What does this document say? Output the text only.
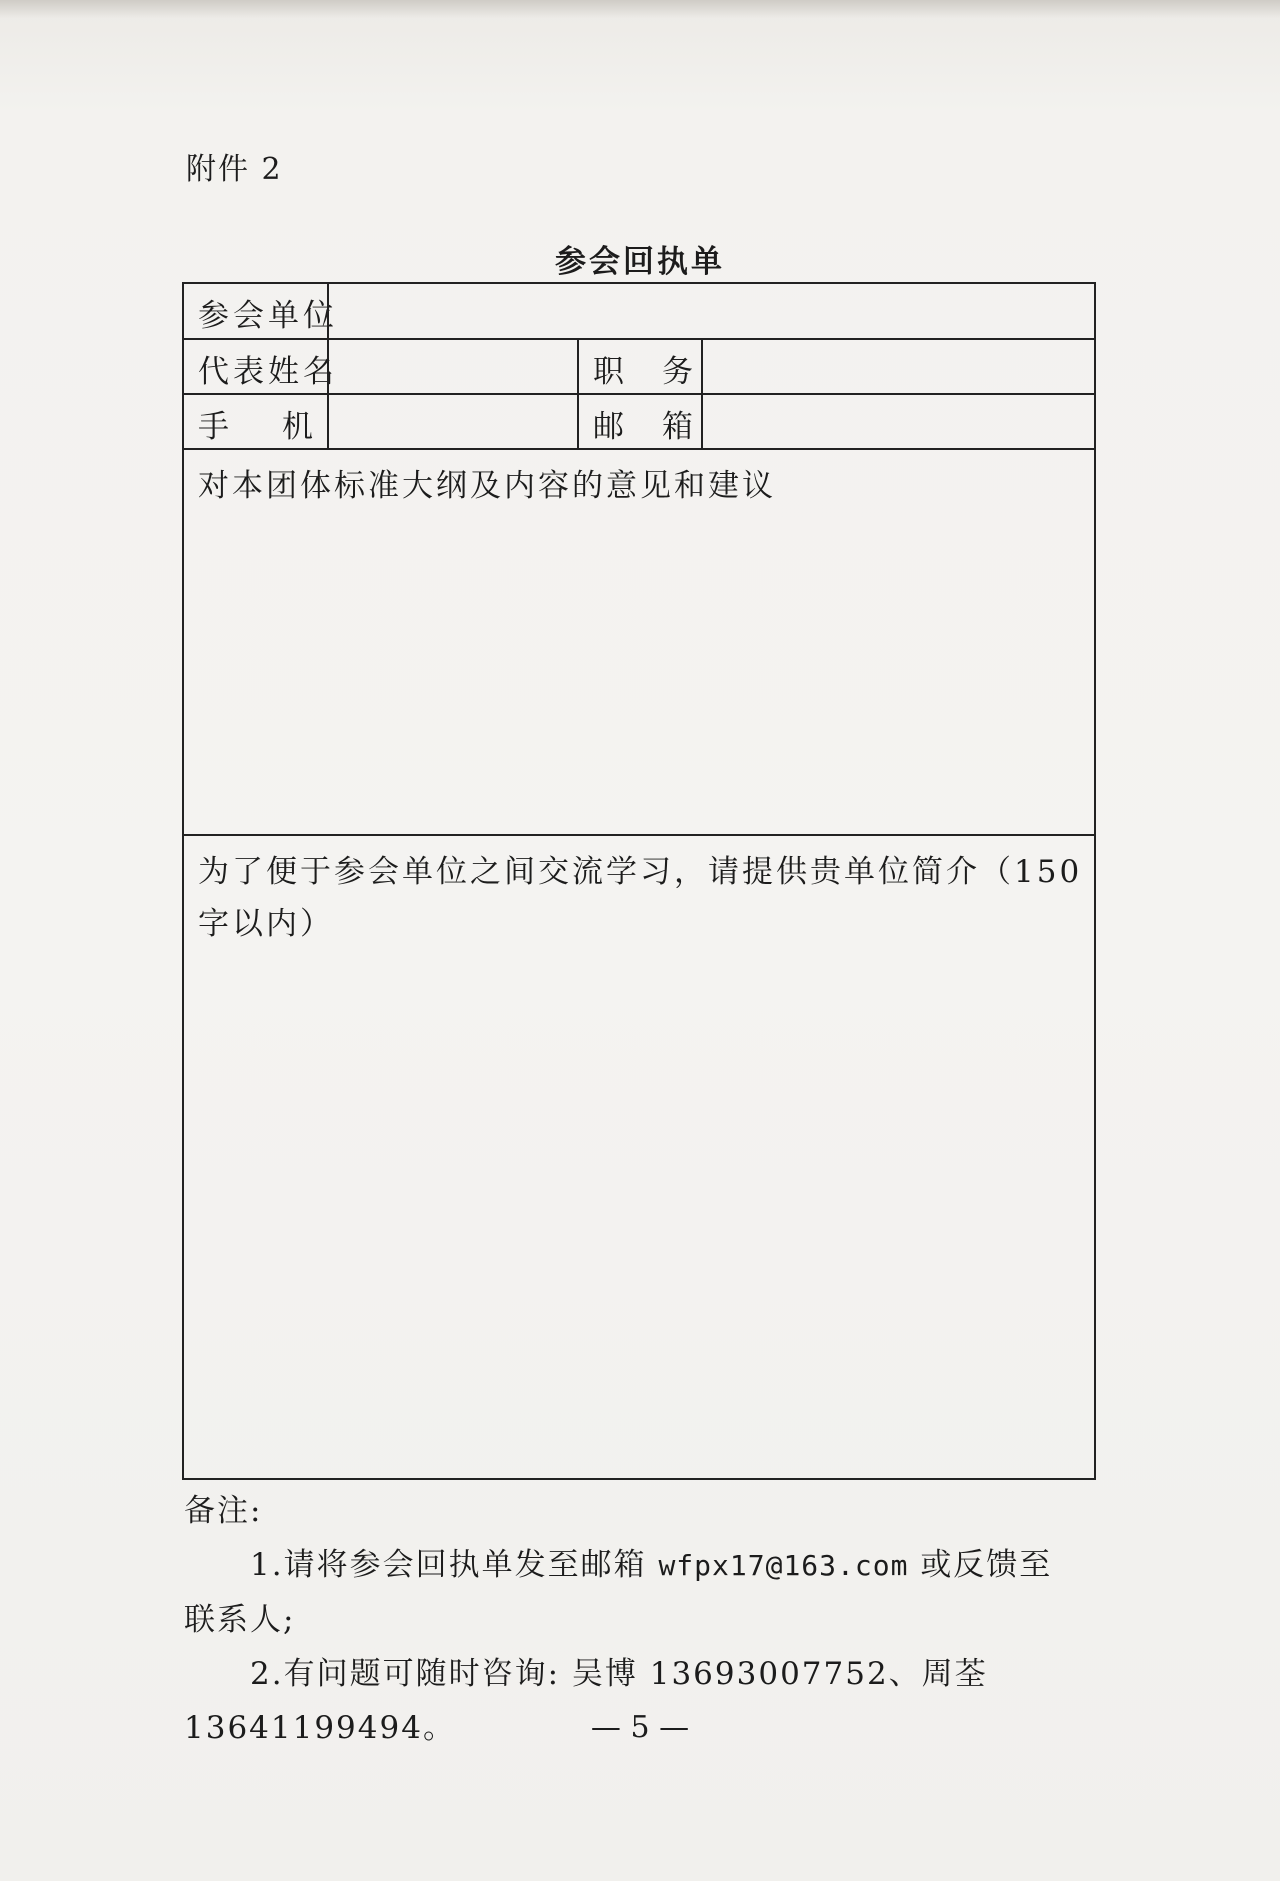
附件 2
参会回执单
参会单位
代表姓名	职 务
手 机	邮 箱
对本团体标准大纲及内容的意见和建议
为了便于参会单位之间交流学习，请提供贵单位简介（150字以内）
备注:
1.请将参会回执单发至邮箱 wfpx17@163.com 或反馈至
联系人;
2.有问题可随时咨询: 吴博 13693007752、周荃
13641199494。	— 5 —
